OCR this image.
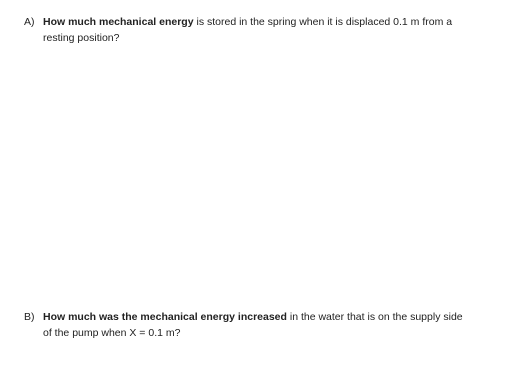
A) How much mechanical energy is stored in the spring when it is displaced 0.1 m from a
resting position?
B) How much was the mechanical energy increased in the water that is on the supply side
of the pump when X = 0.1 m?
